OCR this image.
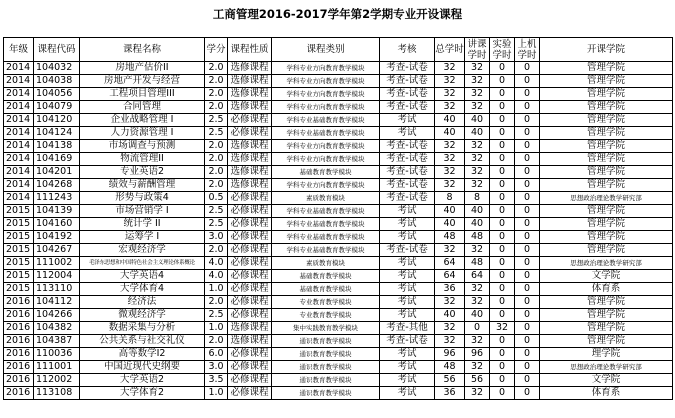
工商管理2016-2017学年第2学期专业开设课程
年级	课程代码	课程名称	学分	课程性质	课程类别	考核	总学时	讲课学时	实验学时	上机学时	开课学院
2014	104032	房地产估价II	2.0	选修课程	学科专业方向教育教学模块	考查-试卷	32	32	0	0	管理学院
2014	104038	房地产开发与经营	2.0	选修课程	学科专业方向教育教学模块	考查-试卷	32	32	0	0	管理学院
2014	104056	工程项目管理III	2.0	选修课程	学科专业方向教育教学模块	考查-试卷	32	32	0	0	管理学院
2014	104079	合同管理	2.0	选修课程	学科专业方向教育教学模块	考查-试卷	32	32	0	0	管理学院
2014	104120	企业战略管理 I	2.5	必修课程	学科专业基础教育教学模块	考试	40	40	0	0	管理学院
2014	104124	人力资源管理 I	2.5	必修课程	学科专业基础教育教学模块	考试	40	40	0	0	管理学院
2014	104138	市场调查与预测	2.0	选修课程	学科专业方向教育教学模块	考查-试卷	32	32	0	0	管理学院
2014	104169	物流管理II	2.0	选修课程	学科专业方向教育教学模块	考查-试卷	32	32	0	0	管理学院
2014	104201	专业英语2	2.0	选修课程	基础教育教学模块	考查-试卷	32	32	0	0	管理学院
2014	104268	绩效与薪酬管理	2.0	选修课程	学科专业方向教育教学模块	考查-试卷	32	32	0	0	管理学院
2014	111243	形势与政策4	0.5	必修课程	素质教育模块	考查-试卷	8	8	0	0	思想政治理论教学研究部
2015	104139	市场营销学 I	2.5	必修课程	学科专业基础教育教学模块	考试	40	40	0	0	管理学院
2015	104160	统计学 II	2.5	必修课程	学科专业基础教育教学模块	考试	40	40	0	0	管理学院
2015	104192	运筹学 I	3.0	必修课程	学科专业基础教育教学模块	考试	48	48	0	0	管理学院
2015	104267	宏观经济学	2.0	必修课程	学科专业基础教育教学模块	考查-试卷	32	32	0	0	管理学院
2015	111002	毛泽东思想和中国特色社会主义理论体系概论	4.0	必修课程	素质教育模块	考试	64	48	0	0	思想政治理论教学研究部
2015	112004	大学英语4	4.0	必修课程	基础教育教学模块	考试	64	64	0	0	文学院
2015	113110	大学体育4	1.0	必修课程	基础教育教学模块	考试	36	32	0	0	体育系
2016	104112	经济法	2.0	必修课程	专业教育教学模块	考试	32	32	0	0	管理学院
2016	104266	微观经济学	2.5	必修课程	专业教育教学模块	考试	40	40	0	0	管理学院
2016	104382	数据采集与分析	1.0	选修课程	集中实践教育教学模块	考查-其他	32	0	32	0	管理学院
2016	104387	公共关系与社交礼仪	2.0	选修课程	通识教育教学模块	考查-试卷	32	32	0	0	管理学院
2016	110036	高等数学I2	6.0	必修课程	通识教育教学模块	考试	96	96	0	0	理学院
2016	111001	中国近现代史纲要	3.0	必修课程	通识教育教学模块	考试	48	32	0	0	思想政治理论教学研究部
2016	112002	大学英语2	3.5	必修课程	通识教育教学模块	考试	56	56	0	0	文学院
2016	113108	大学体育2	1.0	必修课程	通识教育教学模块	考试	36	32	0	0	体育系
